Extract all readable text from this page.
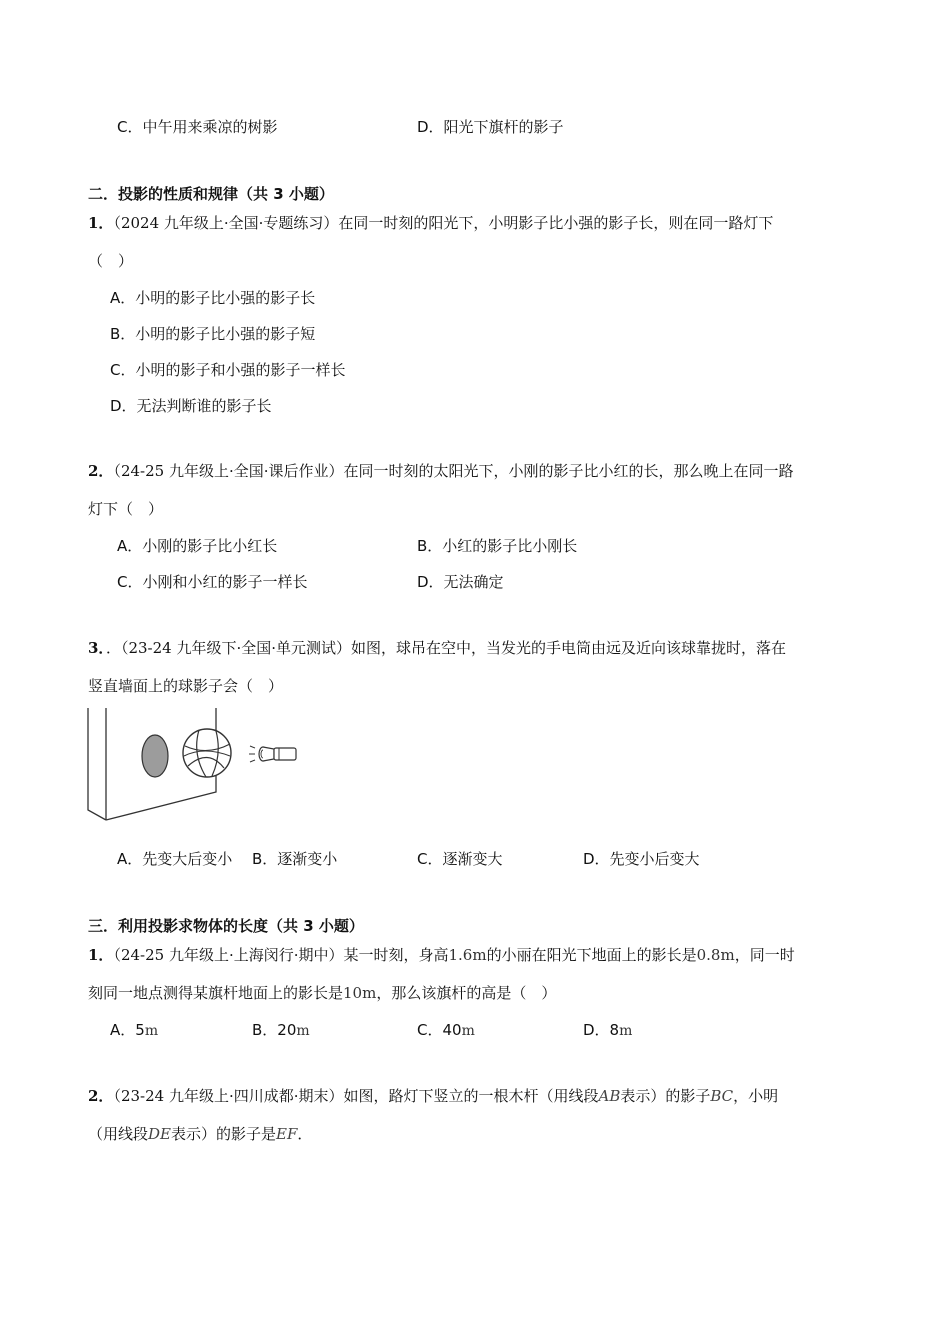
C．中午用来乘凉的树影	D．阳光下旗杆的影子
二．投影的性质和规律（共 3 小题）
1．（2024 九年级上·全国·专题练习）在同一时刻的阳光下，小明影子比小强的影子长，则在同一路灯下
（　）
A．小明的影子比小强的影子长
B．小明的影子比小强的影子短
C．小明的影子和小强的影子一样长
D．无法判断谁的影子长
2．（24-25 九年级上·全国·课后作业）在同一时刻的太阳光下，小刚的影子比小红的长，那么晚上在同一路
灯下（　）
A．小刚的影子比小红长	B．小红的影子比小刚长
C．小刚和小红的影子一样长	D．无法确定
3．．（23-24 九年级下·全国·单元测试）如图，球吊在空中，当发光的手电筒由远及近向该球靠拢时，落在
竖直墙面上的球影子会（　）
A．先变大后变小 B．逐渐变小	C．逐渐变大	D．先变小后变大
三．利用投影求物体的长度（共 3 小题）
1．（24-25 九年级上·上海闵行·期中）某一时刻，身高1.6m的小丽在阳光下地面上的影长是0.8m，同一时
刻同一地点测得某旗杆地面上的影长是10m，那么该旗杆的高是（　）
A．5m	B．20m	C．40m	D．8m
2．（23-24 九年级上·四川成都·期末）如图，路灯下竖立的一根木杆（用线段AB表示）的影子BC，小明
（用线段DE表示）的影子是EF．
